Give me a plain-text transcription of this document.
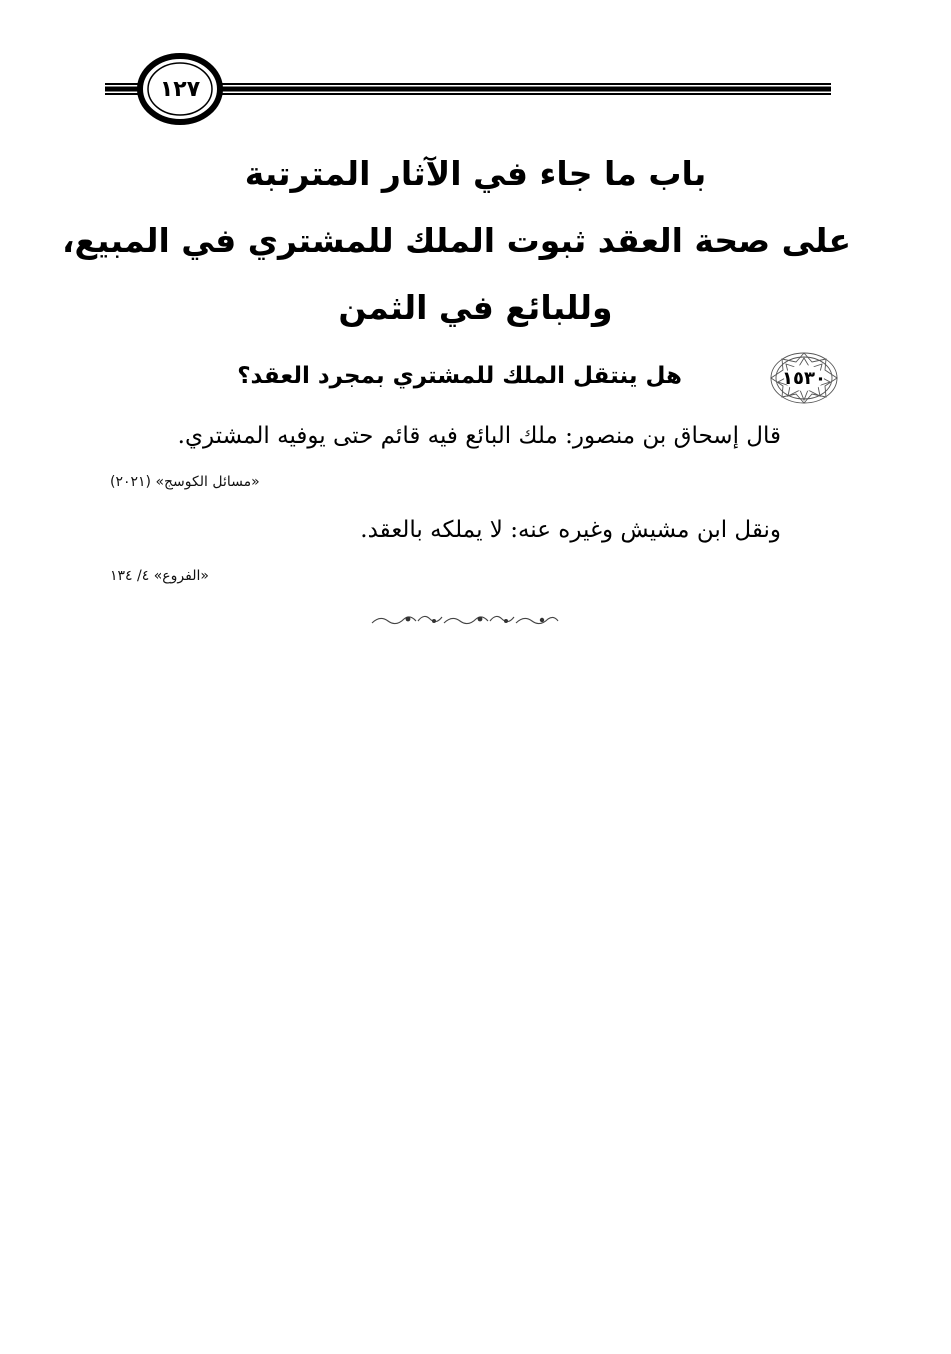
١٢٧
باب ما جاء في الآثار المترتبة
على صحة العقد ثبوت الملك للمشتري في المبيع،
وللبائع في الثمن
١٥٣٠
هل ينتقل الملك للمشتري بمجرد العقد؟
قال إسحاق بن منصور: ملك البائع فيه قائم حتى يوفيه المشتري.
«مسائل الكوسج» (٢٠٢١)
ونقل ابن مشيش وغيره عنه: لا يملكه بالعقد.
«الفروع» ٤/ ١٣٤
